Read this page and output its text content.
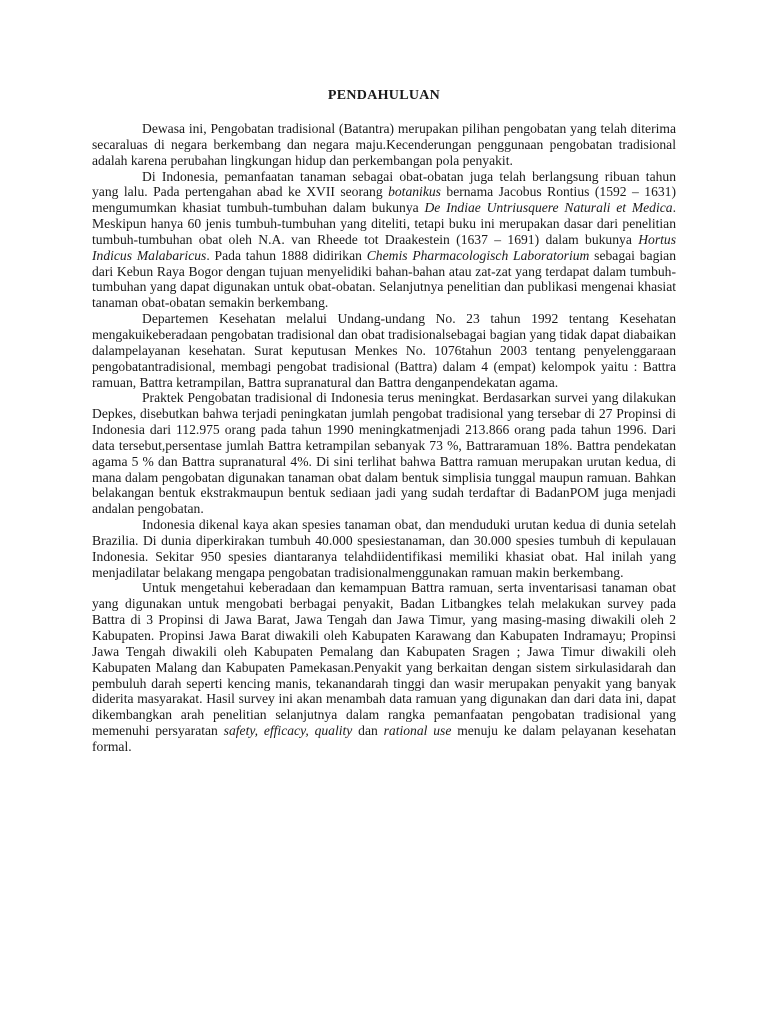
PENDAHULUAN

Dewasa ini, Pengobatan tradisional (Batantra) merupakan pilihan pengobatan yang telah diterima secaraluas di negara berkembang dan negara maju.Kecenderungan penggunaan pengobatan tradisional adalah karena perubahan lingkungan hidup dan perkembangan pola penyakit.

Di Indonesia, pemanfaatan tanaman sebagai obat-obatan juga telah berlangsung ribuan tahun yang lalu. Pada pertengahan abad ke XVII seorang botanikus bernama Jacobus Rontius (1592 – 1631) mengumumkan khasiat tumbuh-tumbuhan dalam bukunya De Indiae Untriusquere Naturali et Medica. Meskipun hanya 60 jenis tumbuh-tumbuhan yang diteliti, tetapi buku ini merupakan dasar dari penelitian tumbuh-tumbuhan obat oleh N.A. van Rheede tot Draakestein (1637 – 1691) dalam bukunya Hortus Indicus Malabaricus. Pada tahun 1888 didirikan Chemis Pharmacologisch Laboratorium sebagai bagian dari Kebun Raya Bogor dengan tujuan menyelidiki bahan-bahan atau zat-zat yang terdapat dalam tumbuh-tumbuhan yang dapat digunakan untuk obat-obatan. Selanjutnya penelitian dan publikasi mengenai khasiat tanaman obat-obatan semakin berkembang.

Departemen Kesehatan melalui Undang-undang No. 23 tahun 1992 tentang Kesehatan mengakuikeberadaan pengobatan tradisional dan obat tradisionalsebagai bagian yang tidak dapat diabaikan dalampelayanan kesehatan. Surat keputusan Menkes No. 1076tahun 2003 tentang penyelenggaraan pengobatantradisional, membagi pengobat tradisional (Battra) dalam 4 (empat) kelompok yaitu : Battra ramuan, Battra ketrampilan, Battra supranatural dan Battra denganpendekatan agama.

Praktek Pengobatan tradisional di Indonesia terus meningkat. Berdasarkan survei yang dilakukan Depkes, disebutkan bahwa terjadi peningkatan jumlah pengobat tradisional yang tersebar di 27 Propinsi di Indonesia dari 112.975 orang pada tahun 1990 meningkatmenjadi 213.866 orang pada tahun 1996. Dari data tersebut,persentase jumlah Battra ketrampilan sebanyak 73 %, Battraramuan 18%. Battra pendekatan agama 5 % dan Battra supranatural 4%. Di sini terlihat bahwa Battra ramuan merupakan urutan kedua, di mana dalam pengobatan digunakan tanaman obat dalam bentuk simplisia tunggal maupun ramuan. Bahkan belakangan bentuk ekstrakmaupun bentuk sediaan jadi yang sudah terdaftar di BadanPOM juga menjadi andalan pengobatan.

Indonesia dikenal kaya akan spesies tanaman obat, dan menduduki urutan kedua di dunia setelah Brazilia. Di dunia diperkirakan tumbuh 40.000 spesiestanaman, dan 30.000 spesies tumbuh di kepulauan Indonesia. Sekitar 950 spesies diantaranya telahdiidentifikasi memiliki khasiat obat. Hal inilah yang menjadilatar belakang mengapa pengobatan tradisionalmenggunakan ramuan makin berkembang.

Untuk mengetahui keberadaan dan kemampuan Battra ramuan, serta inventarisasi tanaman obat yang digunakan untuk mengobati berbagai penyakit, Badan Litbangkes telah melakukan survey pada Battra di 3 Propinsi di Jawa Barat, Jawa Tengah dan Jawa Timur, yang masing-masing diwakili oleh 2 Kabupaten. Propinsi Jawa Barat diwakili oleh Kabupaten Karawang dan Kabupaten Indramayu; Propinsi Jawa Tengah diwakili oleh Kabupaten Pemalang dan Kabupaten Sragen ; Jawa Timur diwakili oleh Kabupaten Malang dan Kabupaten Pamekasan.Penyakit yang berkaitan dengan sistem sirkulasidarah dan pembuluh darah seperti kencing manis, tekanandarah tinggi dan wasir merupakan penyakit yang banyak diderita masyarakat. Hasil survey ini akan menambah data ramuan yang digunakan dan dari data ini, dapat dikembangkan arah penelitian selanjutnya dalam rangka pemanfaatan pengobatan tradisional yang memenuhi persyaratan safety, efficacy, quality dan rational use menuju ke dalam pelayanan kesehatan formal.
